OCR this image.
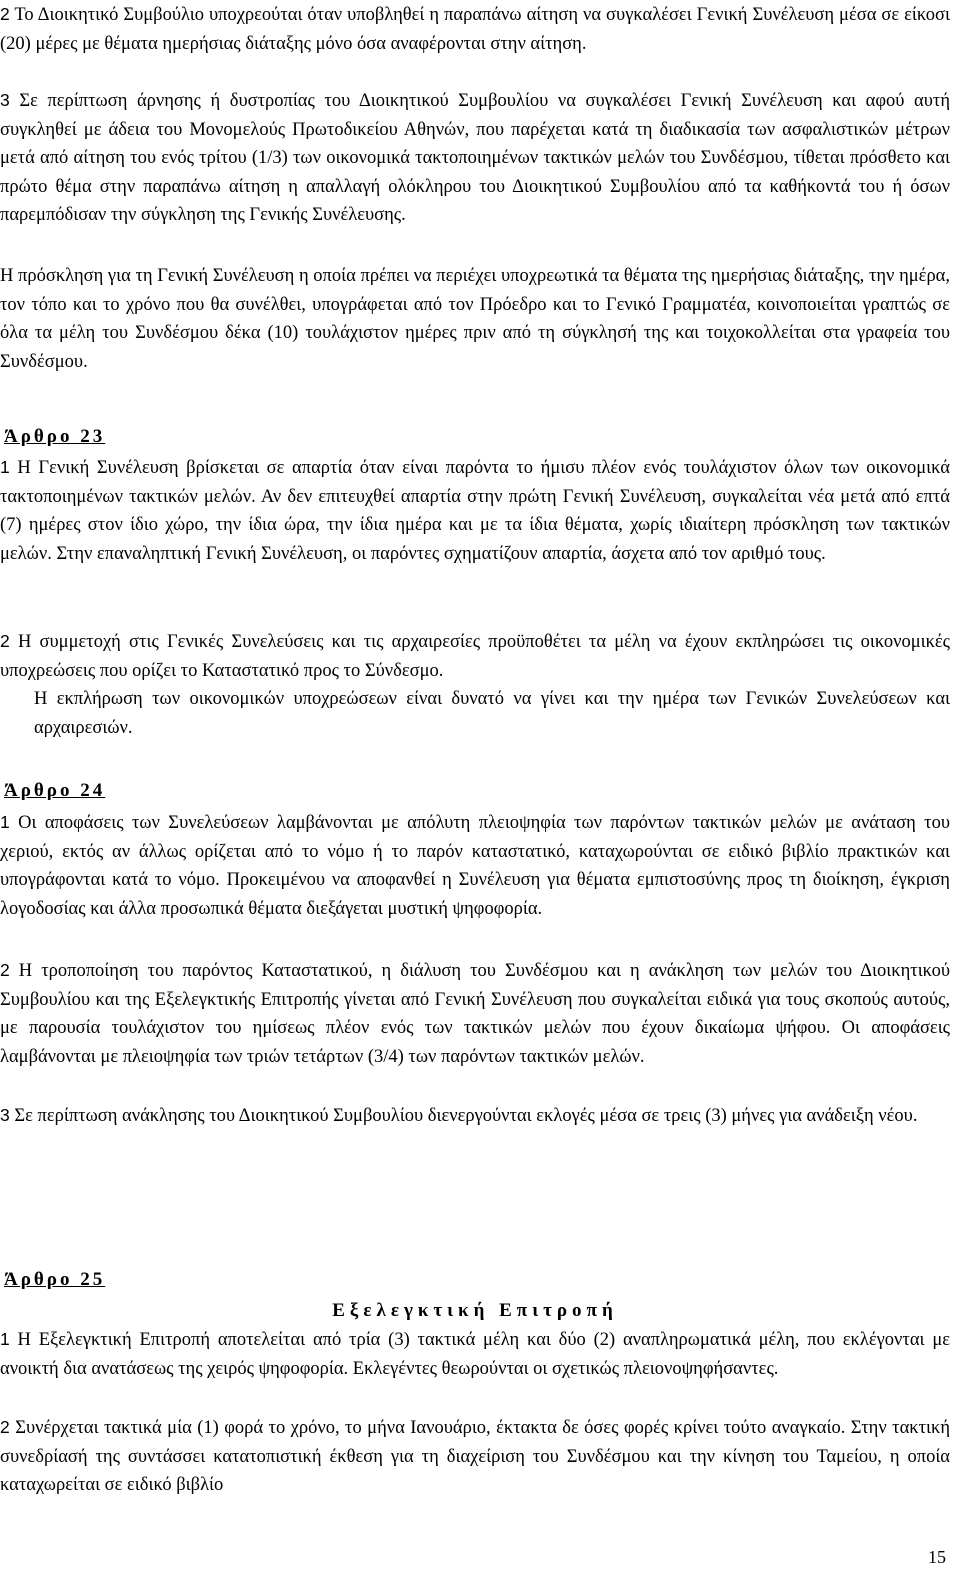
2 Το Διοικητικό Συμβούλιο υποχρεούται όταν υποβληθεί η παραπάνω αίτηση να συγκαλέσει Γενική Συνέλευση μέσα σε είκοσι (20) μέρες με θέματα ημερήσιας διάταξης μόνο όσα αναφέρονται στην αίτηση.
3 Σε περίπτωση άρνησης ή δυστροπίας του Διοικητικού Συμβουλίου να συγκαλέσει Γενική Συνέλευση και αφού αυτή συγκληθεί με άδεια του Μονομελούς Πρωτοδικείου Αθηνών, που παρέχεται κατά τη διαδικασία των ασφαλιστικών μέτρων μετά από αίτηση του ενός τρίτου (1/3) των οικονομικά τακτοποιημένων τακτικών μελών του Συνδέσμου, τίθεται πρόσθετο και πρώτο θέμα στην παραπάνω αίτηση η απαλλαγή ολόκληρου του Διοικητικού Συμβουλίου από τα καθήκοντά του ή όσων παρεμπόδισαν την σύγκληση της Γενικής Συνέλευσης.
Η πρόσκληση για τη Γενική Συνέλευση η οποία πρέπει να περιέχει υποχρεωτικά τα θέματα της ημερήσιας διάταξης, την ημέρα, τον τόπο και το χρόνο που θα συνέλθει, υπογράφεται από τον Πρόεδρο και το Γενικό Γραμματέα, κοινοποιείται γραπτώς σε όλα τα μέλη του Συνδέσμου δέκα (10) τουλάχιστον ημέρες πριν από τη σύγκλησή της και τοιχοκολλείται στα γραφεία του Συνδέσμου.
Άρθρο 23
1 Η Γενική Συνέλευση βρίσκεται σε απαρτία όταν είναι παρόντα το ήμισυ πλέον ενός τουλάχιστον όλων των οικονομικά τακτοποιημένων τακτικών μελών. Αν δεν επιτευχθεί απαρτία στην πρώτη Γενική Συνέλευση, συγκαλείται νέα μετά από επτά (7) ημέρες στον ίδιο χώρο, την ίδια ώρα, την ίδια ημέρα και με τα ίδια θέματα, χωρίς ιδιαίτερη πρόσκληση των τακτικών μελών. Στην επαναληπτική Γενική Συνέλευση, οι παρόντες σχηματίζουν απαρτία, άσχετα από τον αριθμό τους.
2 Η συμμετοχή στις Γενικές Συνελεύσεις και τις αρχαιρεσίες προϋποθέτει τα μέλη να έχουν εκπληρώσει τις οικονομικές υποχρεώσεις που ορίζει το Καταστατικό προς το Σύνδεσμο.
Η εκπλήρωση των οικονομικών υποχρεώσεων είναι δυνατό να γίνει και την ημέρα των Γενικών Συνελεύσεων και αρχαιρεσιών.
Άρθρο 24
1 Οι αποφάσεις των Συνελεύσεων λαμβάνονται με απόλυτη πλειοψηφία των παρόντων τακτικών μελών με ανάταση του χεριού, εκτός αν άλλως ορίζεται από το νόμο ή το παρόν καταστατικό, καταχωρούνται σε ειδικό βιβλίο πρακτικών και υπογράφονται κατά το νόμο. Προκειμένου να αποφανθεί η Συνέλευση για θέματα εμπιστοσύνης προς τη διοίκηση, έγκριση λογοδοσίας και άλλα προσωπικά θέματα διεξάγεται μυστική ψηφοφορία.
2 Η τροποποίηση του παρόντος Καταστατικού, η διάλυση του Συνδέσμου και η ανάκληση των μελών του Διοικητικού Συμβουλίου και της Εξελεγκτικής Επιτροπής γίνεται από Γενική Συνέλευση που συγκαλείται ειδικά για τους σκοπούς αυτούς, με παρουσία τουλάχιστον του ημίσεως πλέον ενός των τακτικών μελών που έχουν δικαίωμα ψήφου. Οι αποφάσεις λαμβάνονται με πλειοψηφία των τριών τετάρτων (3/4) των παρόντων τακτικών μελών.
3 Σε περίπτωση ανάκλησης του Διοικητικού Συμβουλίου διενεργούνται εκλογές μέσα σε τρεις (3) μήνες για ανάδειξη νέου.
Άρθρο 25
Εξελεγκτική Επιτροπή
1 Η Εξελεγκτική Επιτροπή αποτελείται από τρία (3) τακτικά μέλη και δύο (2) αναπληρωματικά μέλη, που εκλέγονται με ανοικτή δια ανατάσεως της χειρός ψηφοφορία. Εκλεγέντες θεωρούνται οι σχετικώς πλειονοψηφήσαντες.
2 Συνέρχεται τακτικά μία (1) φορά το χρόνο, το μήνα Ιανουάριο, έκτακτα δε όσες φορές κρίνει τούτο αναγκαίο. Στην τακτική συνεδρίασή της συντάσσει κατατοπιστική έκθεση για τη διαχείριση του Συνδέσμου και την κίνηση του Ταμείου, η οποία καταχωρείται σε ειδικό βιβλίο
15
